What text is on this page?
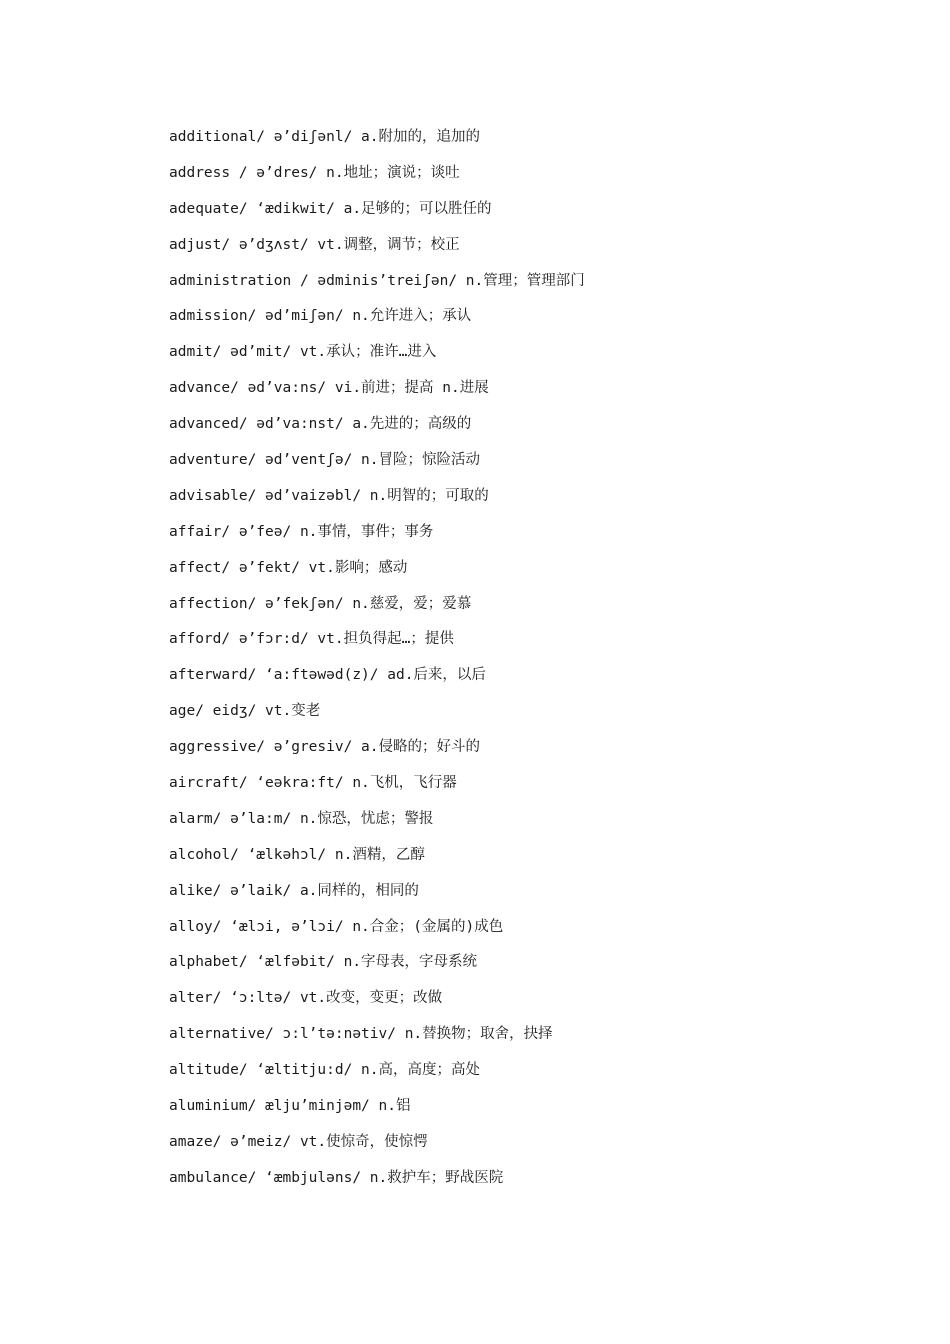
additional/ ə’diʃənl/ a.附加的，追加的
address / ə’dres/ n.地址；演说；谈吐
adequate/ ‘ædikwit/ a.足够的；可以胜任的
adjust/ ə’dʒʌst/ vt.调整，调节；校正
administration / ədminis’treiʃən/ n.管理；管理部门
admission/ əd’miʃən/ n.允许进入；承认
admit/ əd’mit/ vt.承认；准许…进入
advance/ əd’va:ns/ vi.前进；提高 n.进展
advanced/ əd’va:nst/ a.先进的；高级的
adventure/ əd’ventʃə/ n.冒险；惊险活动
advisable/ əd’vaizəbl/ n.明智的；可取的
affair/ ə’feə/ n.事情，事件；事务
affect/ ə’fekt/ vt.影响；感动
affection/ ə’fekʃən/ n.慈爱，爱；爱慕
afford/ ə’fɔr:d/ vt.担负得起…；提供
afterward/ ‘a:ftəwəd(z)/ ad.后来，以后
age/ eidʒ/ vt.变老
aggressive/ ə’gresiv/ a.侵略的；好斗的
aircraft/ ‘eəkra:ft/ n.飞机，飞行器
alarm/ ə’la:m/ n.惊恐，忧虑；警报
alcohol/ ‘ælkəhɔl/ n.酒精，乙醇
alike/ ə’laik/ a.同样的，相同的
alloy/ ‘ælɔi, ə’lɔi/ n.合金；(金属的)成色
alphabet/ ‘ælfəbit/ n.字母表，字母系统
alter/ ‘ɔ:ltə/ vt.改变，变更；改做
alternative/ ɔ:l’tə:nətiv/ n.替换物；取舍，抉择
altitude/ ‘æltitju:d/ n.高，高度；高处
aluminium/ ælju’minjəm/ n.铝
amaze/ ə’meiz/ vt.使惊奇，使惊愕
ambulance/ ‘æmbjuləns/ n.救护车；野战医院
